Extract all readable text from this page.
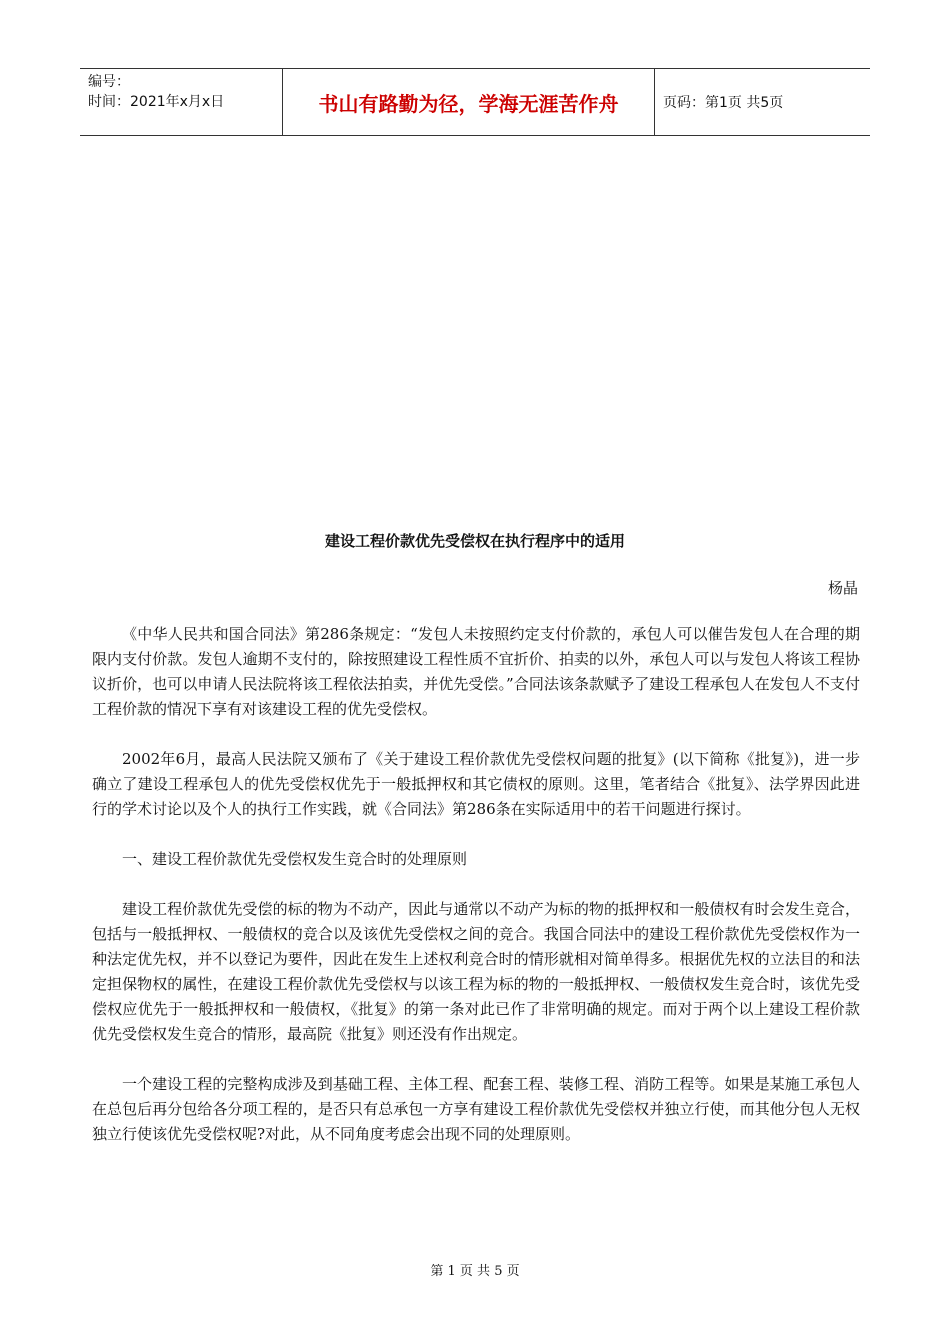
编号：
时间：2021年x月x日	书山有路勤为径，学海无涯苦作舟	页码：第1页 共5页
建设工程价款优先受偿权在执行程序中的适用
杨晶

《中华人民共和国合同法》第286条规定：“发包人未按照约定支付价款的，承包人可以催告发包人在合理的期限内支付价款。发包人逾期不支付的，除按照建设工程性质不宜折价、拍卖的以外，承包人可以与发包人将该工程协议折价，也可以申请人民法院将该工程依法拍卖，并优先受偿。”合同法该条款赋予了建设工程承包人在发包人不支付工程价款的情况下享有对该建设工程的优先受偿权。

2002年6月，最高人民法院又颁布了《关于建设工程价款优先受偿权问题的批复》(以下简称《批复》)，进一步确立了建设工程承包人的优先受偿权优先于一般抵押权和其它债权的原则。这里，笔者结合《批复》、法学界因此进行的学术讨论以及个人的执行工作实践，就《合同法》第286条在实际适用中的若干问题进行探讨。

一、建设工程价款优先受偿权发生竞合时的处理原则

建设工程价款优先受偿的标的物为不动产，因此与通常以不动产为标的物的抵押权和一般债权有时会发生竞合，包括与一般抵押权、一般债权的竞合以及该优先受偿权之间的竞合。我国合同法中的建设工程价款优先受偿权作为一种法定优先权，并不以登记为要件，因此在发生上述权利竞合时的情形就相对简单得多。根据优先权的立法目的和法定担保物权的属性，在建设工程价款优先受偿权与以该工程为标的物的一般抵押权、一般债权发生竞合时，该优先受偿权应优先于一般抵押权和一般债权，《批复》的第一条对此已作了非常明确的规定。而对于两个以上建设工程价款优先受偿权发生竞合的情形，最高院《批复》则还没有作出规定。

一个建设工程的完整构成涉及到基础工程、主体工程、配套工程、装修工程、消防工程等。如果是某施工承包人在总包后再分包给各分项工程的，是否只有总承包一方享有建设工程价款优先受偿权并独立行使，而其他分包人无权独立行使该优先受偿权呢?对此，从不同角度考虑会出现不同的处理原则。

第 1 页 共 5 页
